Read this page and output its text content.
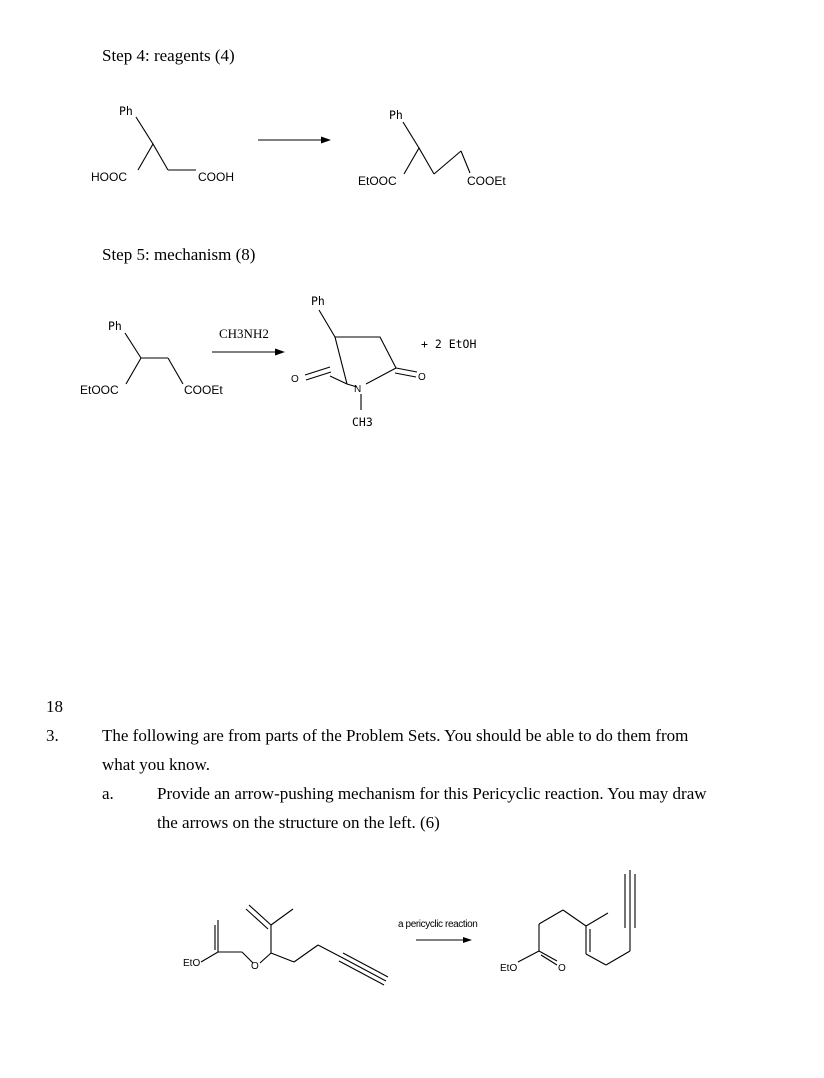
Step 4: reagents (4)
Step 5: mechanism (8)
18
3.	The following are from parts of the Problem Sets. You should be able to do them from
what you know.
a.	Provide an arrow-pushing mechanism for this Pericyclic reaction. You may draw
the arrows on the structure on the left. (6)
Ph
HOOC	COOH
Ph
EtOOC	COOEt
Ph
EtOOC	COOEt
CH3NH2
Ph
O	O
N
CH3
+ 2 EtOH
EtO	O
a pericyclic reaction
EtO	O
